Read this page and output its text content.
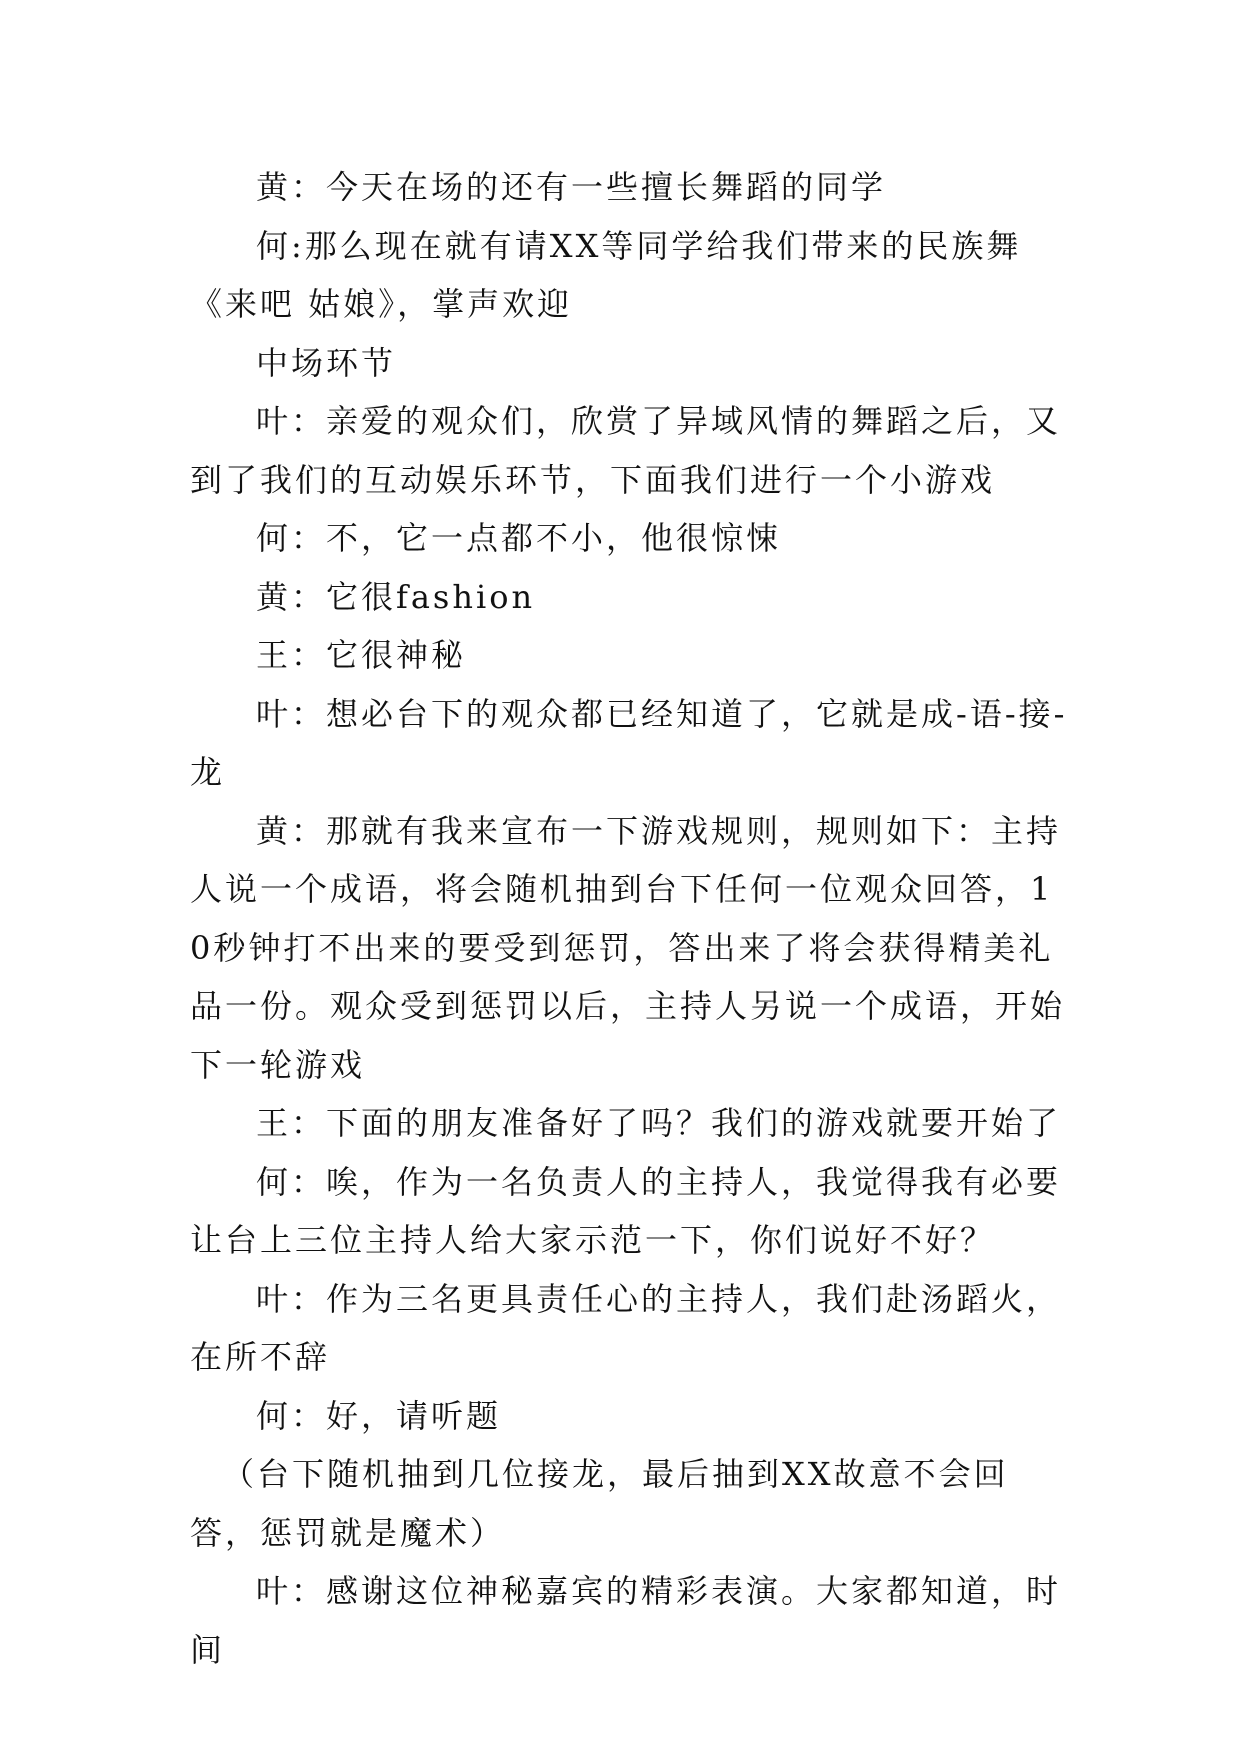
黄：今天在场的还有一些擅长舞蹈的同学

何:那么现在就有请XX等同学给我们带来的民族舞《来吧 姑娘》，掌声欢迎

中场环节

叶：亲爱的观众们，欣赏了异域风情的舞蹈之后，又到了我们的互动娱乐环节，下面我们进行一个小游戏

何：不，它一点都不小，他很惊悚

黄：它很fashion

王：它很神秘

叶：想必台下的观众都已经知道了，它就是成-语-接-龙

黄：那就有我来宣布一下游戏规则，规则如下：主持人说一个成语，将会随机抽到台下任何一位观众回答，10秒钟打不出来的要受到惩罚，答出来了将会获得精美礼品一份。观众受到惩罚以后，主持人另说一个成语，开始下一轮游戏

王：下面的朋友准备好了吗？我们的游戏就要开始了

何：唉，作为一名负责人的主持人，我觉得我有必要让台上三位主持人给大家示范一下，你们说好不好？

叶：作为三名更具责任心的主持人，我们赴汤蹈火，在所不辞

何：好，请听题

（台下随机抽到几位接龙，最后抽到XX故意不会回答，惩罚就是魔术）

叶：感谢这位神秘嘉宾的精彩表演。大家都知道，时间
